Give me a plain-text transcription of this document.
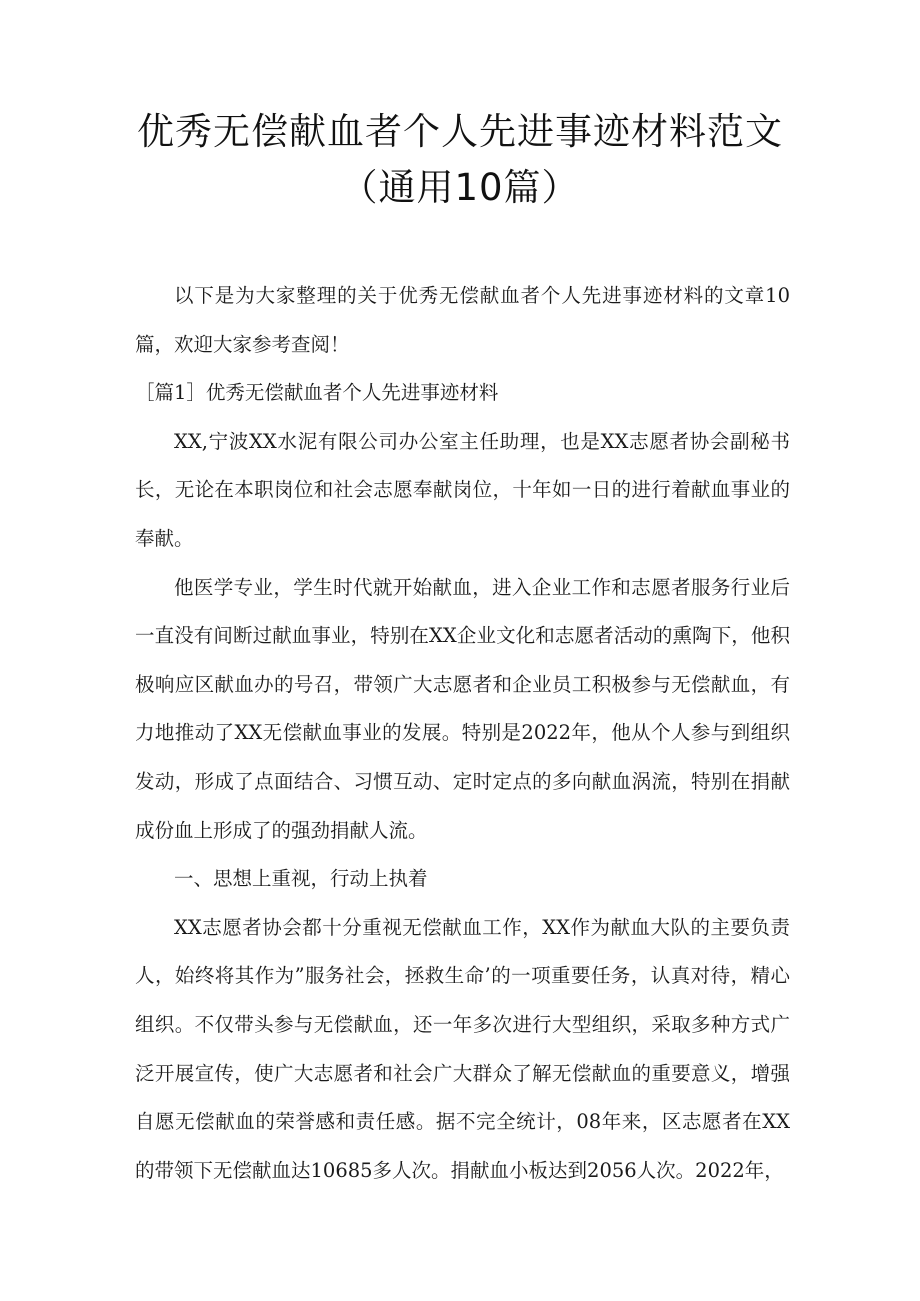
优秀无偿献血者个人先进事迹材料范文（通用10篇）

以下是为大家整理的关于优秀无偿献血者个人先进事迹材料的文章10篇，欢迎大家参考查阅！

［篇1］优秀无偿献血者个人先进事迹材料

XX,宁波XX水泥有限公司办公室主任助理，也是XX志愿者协会副秘书长，无论在本职岗位和社会志愿奉献岗位，十年如一日的进行着献血事业的奉献。

他医学专业，学生时代就开始献血，进入企业工作和志愿者服务行业后一直没有间断过献血事业，特别在XX企业文化和志愿者活动的熏陶下，他积极响应区献血办的号召，带领广大志愿者和企业员工积极参与无偿献血，有力地推动了XX无偿献血事业的发展。特别是2022年，他从个人参与到组织发动，形成了点面结合、习惯互动、定时定点的多向献血涡流，特别在捐献成份血上形成了的强劲捐献人流。

一、思想上重视，行动上执着

XX志愿者协会都十分重视无偿献血工作，XX作为献血大队的主要负责人，始终将其作为”服务社会，拯救生命’的一项重要任务，认真对待，精心组织。不仅带头参与无偿献血，还一年多次进行大型组织，采取多种方式广泛开展宣传，使广大志愿者和社会广大群众了解无偿献血的重要意义，增强自愿无偿献血的荣誉感和责任感。据不完全统计，08年来，区志愿者在XX的带领下无偿献血达10685多人次。捐献血小板达到2056人次。2022年，
